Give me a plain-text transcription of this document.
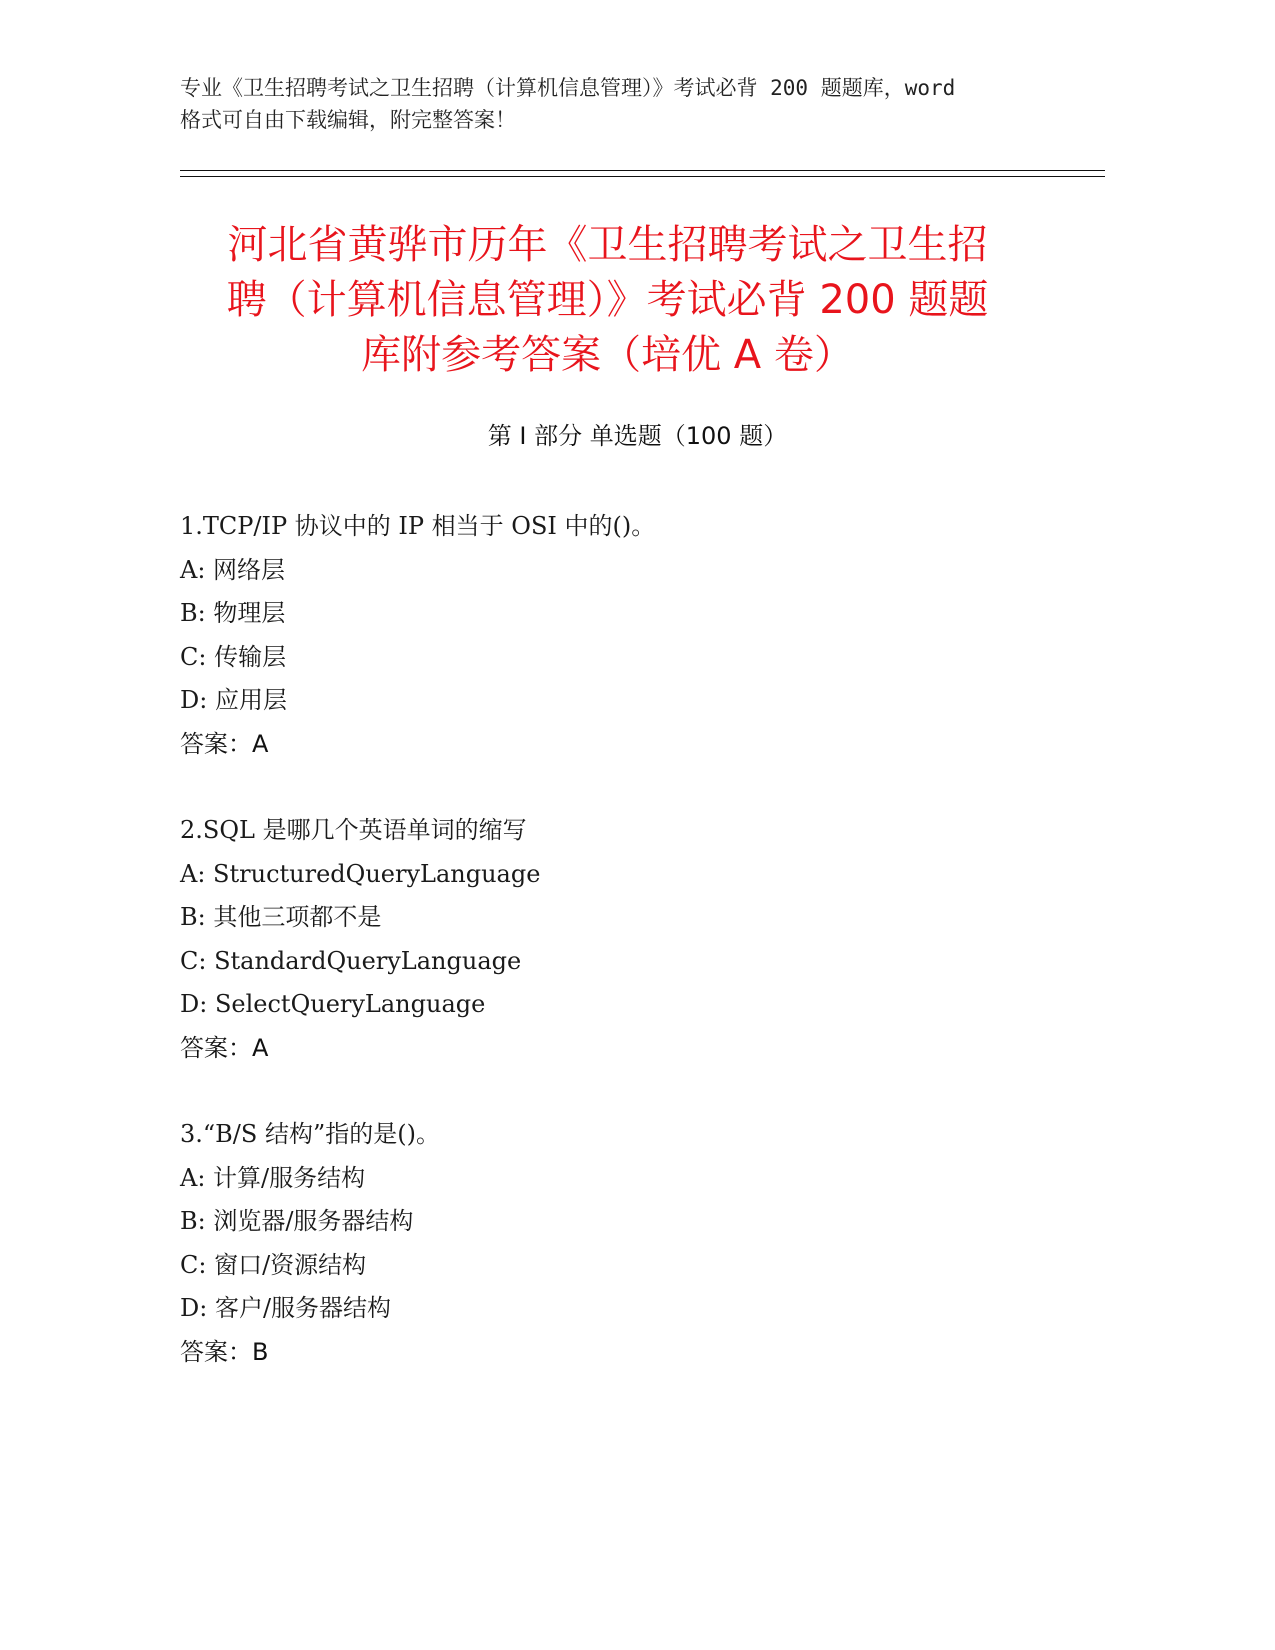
专业《卫生招聘考试之卫生招聘（计算机信息管理）》考试必背 200 题题库，word
格式可自由下载编辑，附完整答案！
河北省黄骅市历年《卫生招聘考试之卫生招
聘（计算机信息管理）》考试必背 200 题题
库附参考答案（培优 A 卷）
第 I 部分 单选题（100 题）
1.TCP/IP 协议中的 IP 相当于 OSI 中的()。
A: 网络层
B: 物理层
C: 传输层
D: 应用层
答案：A
2.SQL 是哪几个英语单词的缩写
A: StructuredQueryLanguage
B: 其他三项都不是
C: StandardQueryLanguage
D: SelectQueryLanguage
答案：A
3.“B/S 结构”指的是()。
A: 计算/服务结构
B: 浏览器/服务器结构
C: 窗口/资源结构
D: 客户/服务器结构
答案：B
